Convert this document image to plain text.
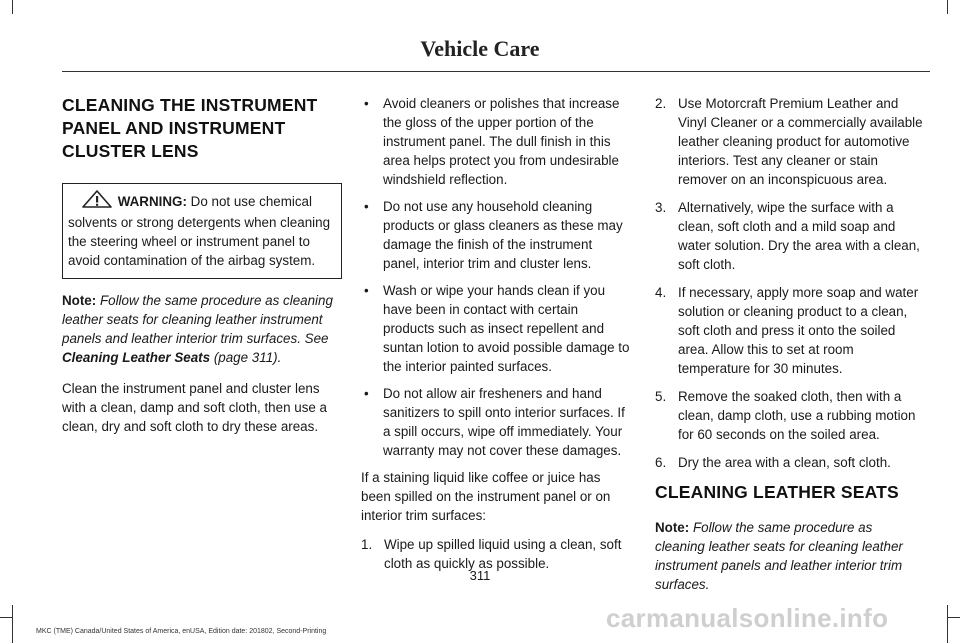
Vehicle Care
CLEANING THE INSTRUMENT
PANEL AND INSTRUMENT
CLUSTER LENS
WARNING: Do not use chemical solvents or strong detergents when cleaning the steering wheel or instrument panel to avoid contamination of the airbag system.

Note: Follow the same procedure as cleaning leather seats for cleaning leather instrument panels and leather interior trim surfaces. See Cleaning Leather Seats (page 311).

Clean the instrument panel and cluster lens with a clean, damp and soft cloth, then use a clean, dry and soft cloth to dry these areas.

• Avoid cleaners or polishes that increase the gloss of the upper portion of the instrument panel. The dull finish in this area helps protect you from undesirable windshield reflection.
• Do not use any household cleaning products or glass cleaners as these may damage the finish of the instrument panel, interior trim and cluster lens.
• Wash or wipe your hands clean if you have been in contact with certain products such as insect repellent and suntan lotion to avoid possible damage to the interior painted surfaces.
• Do not allow air fresheners and hand sanitizers to spill onto interior surfaces. If a spill occurs, wipe off immediately. Your warranty may not cover these damages.

If a staining liquid like coffee or juice has been spilled on the instrument panel or on interior trim surfaces:

1. Wipe up spilled liquid using a clean, soft cloth as quickly as possible.
2. Use Motorcraft Premium Leather and Vinyl Cleaner or a commercially available leather cleaning product for automotive interiors. Test any cleaner or stain remover on an inconspicuous area.
3. Alternatively, wipe the surface with a clean, soft cloth and a mild soap and water solution. Dry the area with a clean, soft cloth.
4. If necessary, apply more soap and water solution or cleaning product to a clean, soft cloth and press it onto the soiled area. Allow this to set at room temperature for 30 minutes.
5. Remove the soaked cloth, then with a clean, damp cloth, use a rubbing motion for 60 seconds on the soiled area.
6. Dry the area with a clean, soft cloth.
CLEANING LEATHER SEATS

Note: Follow the same procedure as cleaning leather seats for cleaning leather instrument panels and leather interior trim surfaces.

311
carmanualsonline.info
MKC (TME) Canada/United States of America, enUSA, Edition date: 201802, Second-Printing
